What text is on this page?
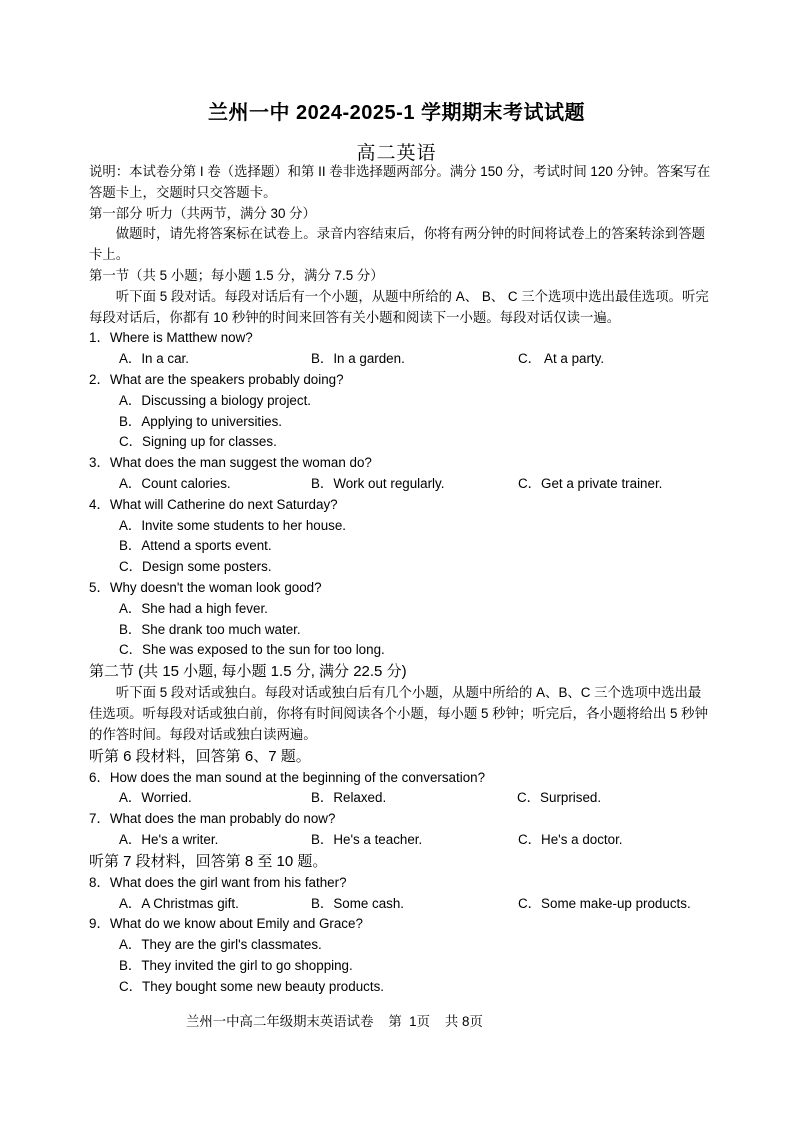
兰州一中 2024-2025-1 学期期末考试试题
高二英语

说明：本试卷分第 I 卷（选择题）和第 II 卷非选择题两部分。满分 150 分，考试时间 120 分钟。答案写在答题卡上，交题时只交答题卡。

第一部分 听力（共两节，满分 30 分）

做题时，请先将答案标在试卷上。录音内容结束后，你将有两分钟的时间将试卷上的答案转涂到答题卡上。

第一节（共 5 小题；每小题 1.5 分，满分 7.5 分）

听下面 5 段对话。每段对话后有一个小题，从题中所给的 A、 B、 C 三个选项中选出最佳选项。听完每段对话后，你都有 10 秒钟的时间来回答有关小题和阅读下一小题。每段对话仅读一遍。

1．Where is Matthew now?

A．In a car.	B．In a garden.	C． At a party.

2．What are the speakers probably doing?

A．Discussing a biology project.

B．Applying to universities.

C．Signing up for classes.

3．What does the man suggest the woman do?

A．Count calories.	B．Work out regularly.	C．Get a private trainer.

4．What will Catherine do next Saturday?

A．Invite some students to her house.

B．Attend a sports event.

C．Design some posters.

5．Why doesn't the woman look good?

A．She had a high fever.

B．She drank too much water.

C．She was exposed to the sun for too long.

第二节 (共 15 小题, 每小题 1.5 分, 满分 22.5 分)

听下面 5 段对话或独白。每段对话或独白后有几个小题，从题中所给的 A、B、C 三个选项中选出最佳选项。听每段对话或独白前，你将有时间阅读各个小题，每小题 5 秒钟；听完后，各小题将给出 5 秒钟的作答时间。每段对话或独白读两遍。

听第 6 段材料，回答第 6、7 题。

6．How does the man sound at the beginning of the conversation?

A．Worried.	B．Relaxed.	C．Surprised.

7．What does the man probably do now?

A．He's a writer.	B．He's a teacher.	C．He's a doctor.

听第 7 段材料，回答第 8 至 10 题。

8．What does the girl want from his father?

A．A Christmas gift.	B．Some cash.	C．Some make-up products.

9．What do we know about Emily and Grace?

A．They are the girl's classmates.

B．They invited the girl to go shopping.

C．They bought some new beauty products.

兰州一中高二年级期末英语试卷    第  1页    共 8页
